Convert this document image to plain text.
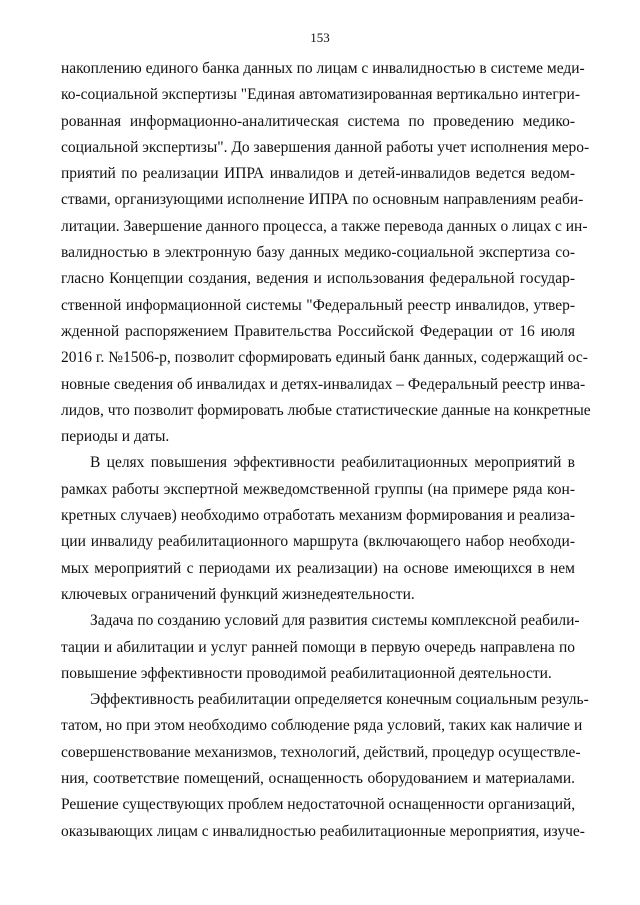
153
накоплению единого банка данных по лицам с инвалидностью в системе меди-
ко-социальной экспертизы "Единая автоматизированная вертикально интегри-
рованная информационно-аналитическая система по проведению медико-
социальной экспертизы". До завершения данной работы учет исполнения меро-
приятий по реализации ИПРА инвалидов и детей-инвалидов ведется ведом-
ствами, организующими исполнение ИПРА по основным направлениям реаби-
литации. Завершение данного процесса, а также перевода данных о лицах с ин-
валидностью в электронную базу данных медико-социальной экспертиза со-
гласно Концепции создания, ведения и использования федеральной государ-
ственной информационной системы "Федеральный реестр инвалидов, утвер-
жденной распоряжением Правительства Российской Федерации от 16 июля
2016 г. №1506-р, позволит сформировать единый банк данных, содержащий ос-
новные сведения об инвалидах и детях-инвалидах – Федеральный реестр инва-
лидов, что позволит формировать любые статистические данные на конкретные
периоды и даты.
В целях повышения эффективности реабилитационных мероприятий в
рамках работы экспертной межведомственной группы (на примере ряда кон-
кретных случаев) необходимо отработать механизм формирования и реализа-
ции инвалиду реабилитационного маршрута (включающего набор необходи-
мых мероприятий с периодами их реализации) на основе имеющихся в нем
ключевых ограничений функций жизнедеятельности.
Задача по созданию условий для развития системы комплексной реабили-
тации и абилитации и услуг ранней помощи в первую очередь направлена по
повышение эффективности проводимой реабилитационной деятельности.
Эффективность реабилитации определяется конечным социальным резуль-
татом, но при этом необходимо соблюдение ряда условий, таких как наличие и
совершенствование механизмов, технологий, действий, процедур осуществле-
ния, соответствие помещений, оснащенность оборудованием и материалами.
Решение существующих проблем недостаточной оснащенности организаций,
оказывающих лицам с инвалидностью реабилитационные мероприятия, изуче-
